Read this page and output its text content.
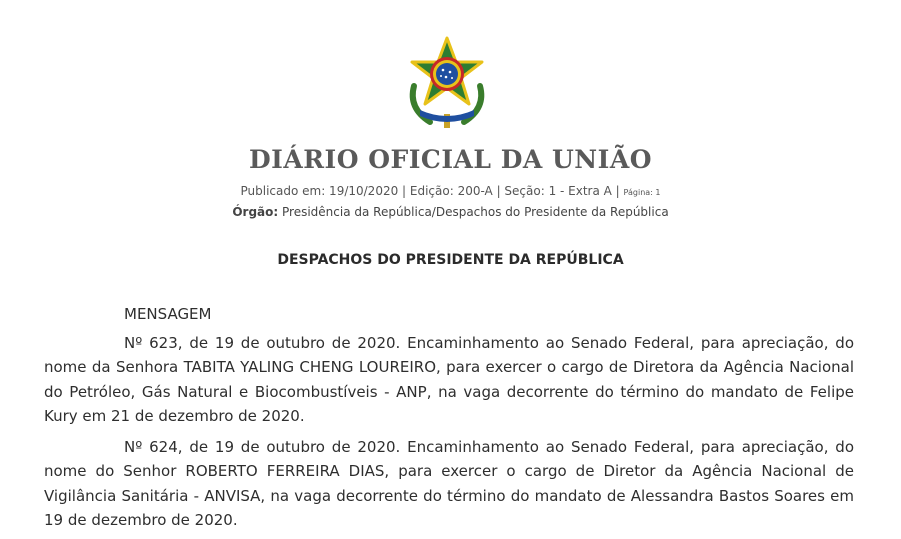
DIÁRIO OFICIAL DA UNIÃO
Publicado em: 19/10/2020 | Edição: 200-A | Seção: 1 - Extra A | Página: 1
Órgão: Presidência da República/Despachos do Presidente da República
DESPACHOS DO PRESIDENTE DA REPÚBLICA

MENSAGEM

Nº 623, de 19 de outubro de 2020. Encaminhamento ao Senado Federal, para apreciação, do nome da Senhora TABITA YALING CHENG LOUREIRO, para exercer o cargo de Diretora da Agência Nacional do Petróleo, Gás Natural e Biocombustíveis - ANP, na vaga decorrente do término do mandato de Felipe Kury em 21 de dezembro de 2020.

Nº 624, de 19 de outubro de 2020. Encaminhamento ao Senado Federal, para apreciação, do nome do Senhor ROBERTO FERREIRA DIAS, para exercer o cargo de Diretor da Agência Nacional de Vigilância Sanitária - ANVISA, na vaga decorrente do término do mandato de Alessandra Bastos Soares em 19 de dezembro de 2020.
